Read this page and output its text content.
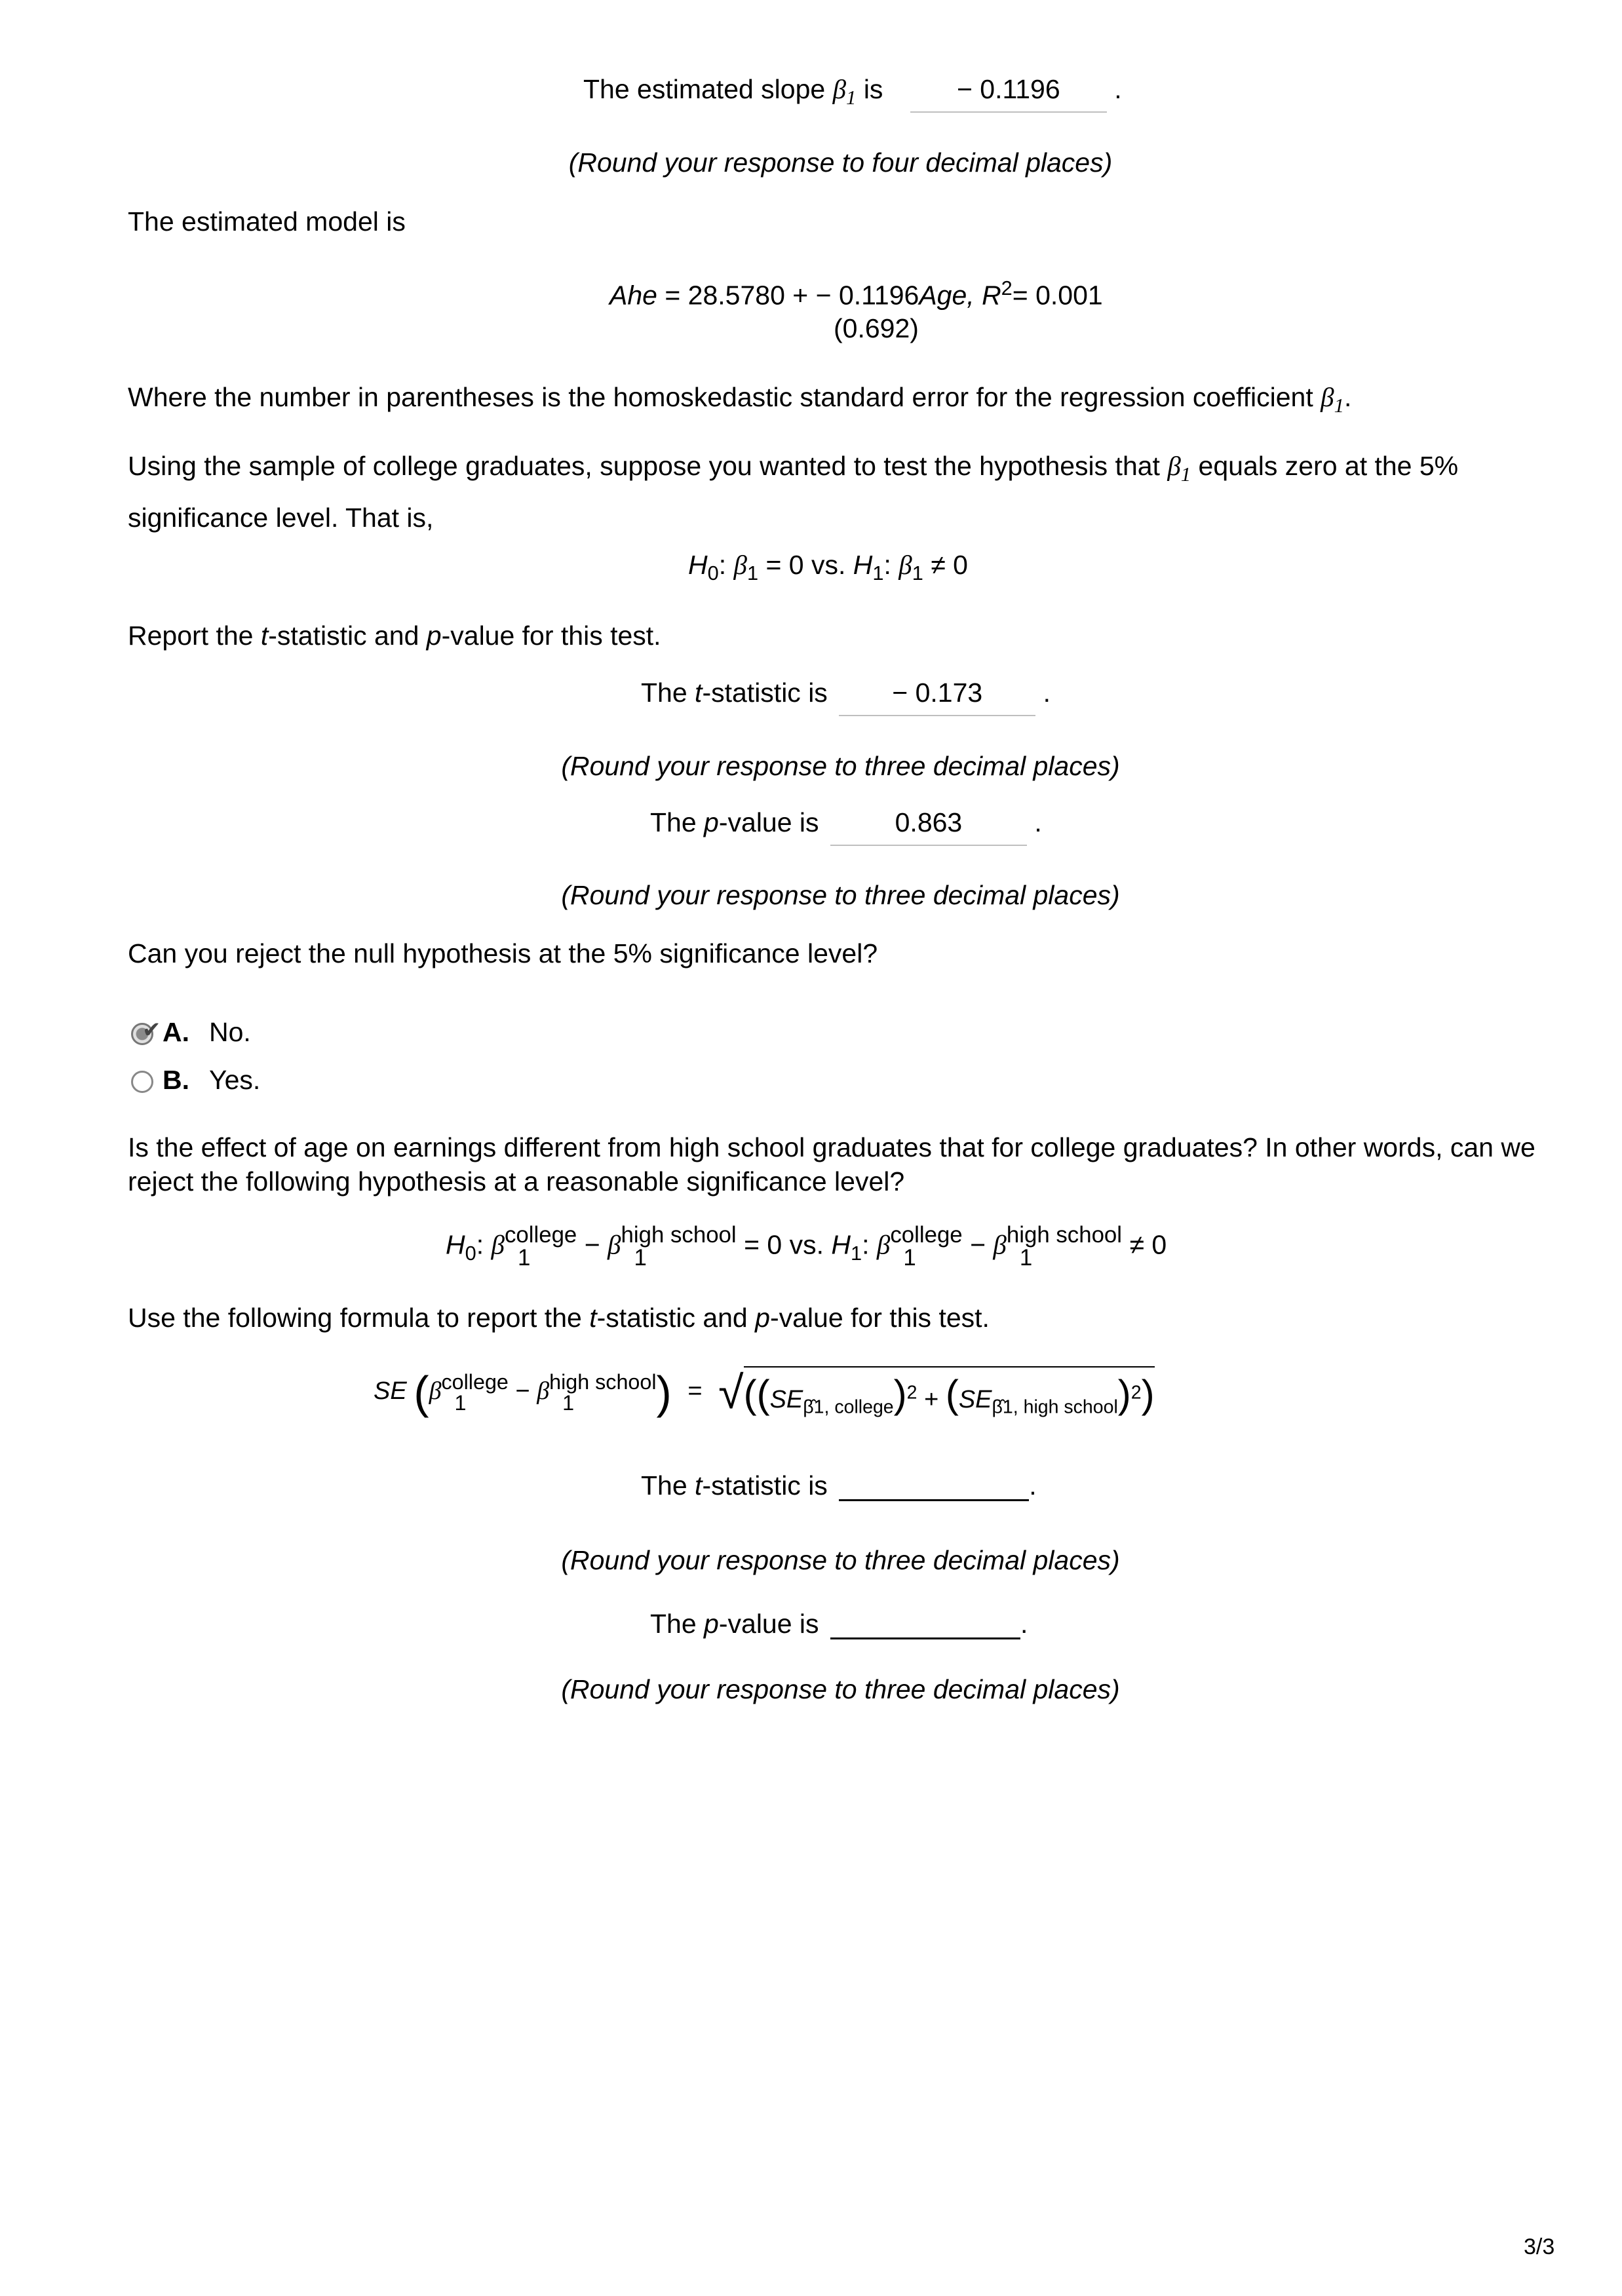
The estimated slope $\beta_1$ is	− 0.1196 .
(Round your response to four decimal places)
The estimated model is
Ahe = 28.5780 + − 0.1196Age, $R^2= 0.001$
(0.692)
Where the number in parentheses is the homoskedastic standard error for the regression coefficient $\beta_1$.
Using the sample of college graduates, suppose you wanted to test the hypothesis that $\beta_1$ equals zero at the 5%
significance level. That is,
$H_0$: $\beta_1 = 0$ vs. $H_1$: $\beta_1 \ne 0$
Report the t-statistic and p-value for this test.
The t-statistic is − 0.173 .
(Round your response to three decimal places)
The p-value is	0.863	.
(Round your response to three decimal places)
Can you reject the null hypothesis at the 5% significance level?
✔ A. No.
B. Yes.
Is the effect of age on earnings different from high school graduates that for college graduates? In other words, can we
reject the following hypothesis at a reasonable significance level?
$H_0$: β college
1	− β high school
1	= 0 vs. $H_1$: β college
1	− β high school
1	≠ 0
Use the following formula to report the t-statistic and p-value for this test.
SE (β college
1	− β high school
1	) = $√((SE_{\betâ1, college})^2 + (SE_{\betâ1, high school})^2)$
The t-statistic is	.
(Round your response to three decimal places)
The p-value is	.
(Round your response to three decimal places)
3/3
